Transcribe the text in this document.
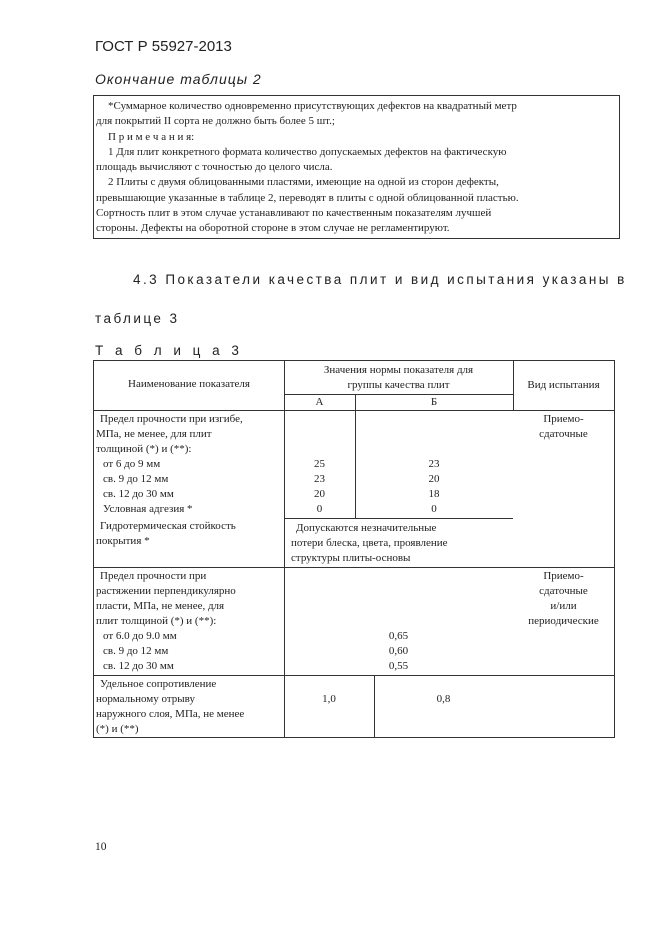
ГОСТ Р 55927-2013
Окончание таблицы 2

*Суммарное количество одновременно присутствующих дефектов на квадратный метр

для покрытий II сорта не должно быть более 5 шт.;

П р и м е ч а н и я:

1 Для плит конкретного формата количество допускаемых дефектов на фактическую

площадь вычисляют с точностью до целого числа.

2 Плиты с двумя облицованными пластями, имеющие на одной из сторон дефекты,

превышающие указанные в таблице 2, переводят в плиты с одной облицованной пластью.

Сортность плит в этом случае устанавливают по качественным показателям лучшей

стороны. Дефекты на оборотной стороне в этом случае не регламентируют.

4.3 Показатели качества плит и вид испытания указаны в
таблице 3
Т а б л и ц а 3
Наименование показателя
Значения нормы показателя для
группы качества плит
А	Б
Вид испытания
Предел прочности при изгибе,
МПа, не менее, для плит
толщиной (*) и (**):
от 6 до 9 мм	25	23
св. 9 до 12 мм	23	20
св. 12 до 30 мм	20	18
Условная адгезия *	0	0
Гидротермическая стойкость
покрытия *
Допускаются незначительные
потери блеска, цвета, проявление
структуры плиты-основы
Приемо-
сдаточные
Предел прочности при
растяжении перпендикулярно
пласти, МПа, не менее, для
плит толщиной (*) и (**):
от 6.0 до 9.0 мм	0,65
св. 9 до 12 мм	0,60
св. 12 до 30 мм	0,55
Приемо-
сдаточные
и/или
периодические
Удельное сопротивление
нормальному отрыву
наружного слоя, МПа, не менее
(*) и (**)
1,0	0,8
10
